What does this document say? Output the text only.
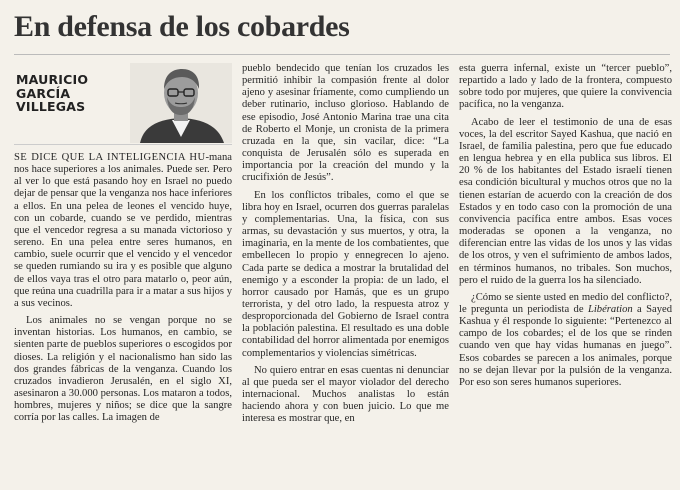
En defensa de los cobardes
MAURICIO
GARCÍA
VILLEGAS

SE DICE QUE LA INTELIGENCIA HU-mana nos hace superiores a los animales. Puede ser. Pero al ver lo que está pasando hoy en Israel no puedo dejar de pensar que la venganza nos hace inferiores a ellos. En una pelea de leones el vencido huye, con un cobarde, cuando se ve perdido, mientras que el vencedor regresa a su manada victorioso y sereno. En una pelea entre seres humanos, en cambio, suele ocurrir que el vencido y el vencedor se queden rumiando su ira y es posible que alguno de ellos vaya tras el otro para matarlo o, peor aún, que reúna una cuadrilla para ir a matar a sus hijos y a sus vecinos.

Los animales no se vengan porque no se inventan historias. Los humanos, en cambio, se sienten parte de pueblos superiores o escogidos por dioses. La religión y el nacionalismo han sido las dos grandes fábricas de la venganza. Cuando los cruzados invadieron Jerusalén, en el siglo XI, asesinaron a 30.000 personas. Los mataron a todos, hombres, mujeres y niños; se dice que la sangre corría por las calles. La imagen de

pueblo bendecido que tenían los cruzados les permitió inhibir la compasión frente al dolor ajeno y asesinar fríamente, como cumpliendo un deber rutinario, incluso glorioso. Hablando de ese episodio, José Antonio Marina trae una cita de Roberto el Monje, un cronista de la primera cruzada en la que, sin vacilar, dice: “La conquista de Jerusalén sólo es superada en importancia por la creación del mundo y la crucifixión de Jesús”.

En los conflictos tribales, como el que se libra hoy en Israel, ocurren dos guerras paralelas y complementarias. Una, la física, con sus armas, su devastación y sus muertos, y otra, la imaginaria, en la mente de los combatientes, que embellecen lo propio y ennegrecen lo ajeno. Cada parte se dedica a mostrar la brutalidad del enemigo y a esconder la propia: de un lado, el horror causado por Hamás, que es un grupo terrorista, y del otro lado, la respuesta atroz y desproporcionada del Gobierno de Israel contra la población palestina. El resultado es una doble contabilidad del horror alimentada por enemigos complementarios y violencias simétricas.

No quiero entrar en esas cuentas ni denunciar al que pueda ser el mayor violador del derecho internacional. Muchos analistas lo están haciendo ahora y con buen juicio. Lo que me interesa es mostrar que, en

esta guerra infernal, existe un “tercer pueblo”, repartido a lado y lado de la frontera, compuesto sobre todo por mujeres, que quiere la convivencia pacífica, no la venganza.

Acabo de leer el testimonio de una de esas voces, la del escritor Sayed Kashua, que nació en Israel, de familia palestina, pero que fue educado en lengua hebrea y en ella publica sus libros. El 20 % de los habitantes del Estado israelí tienen esa condición bicultural y muchos otros que no la tienen estarían de acuerdo con la creación de dos Estados y en todo caso con la promoción de una convivencia pacífica entre ambos. Esas voces moderadas se oponen a la venganza, no diferencian entre las vidas de los unos y las vidas de los otros, y ven el sufrimiento de ambos lados, en términos humanos, no tribales. Son muchos, pero el ruido de la guerra los ha silenciado.

¿Cómo se siente usted en medio del conflicto?, le pregunta un periodista de Libération a Sayed Kashua y él responde lo siguiente: “Pertenezco al campo de los cobardes; el de los que se rinden cuando ven que hay vidas humanas en juego”. Esos cobardes se parecen a los animales, porque no se dejan llevar por la pulsión de la venganza. Por eso son seres humanos superiores.
